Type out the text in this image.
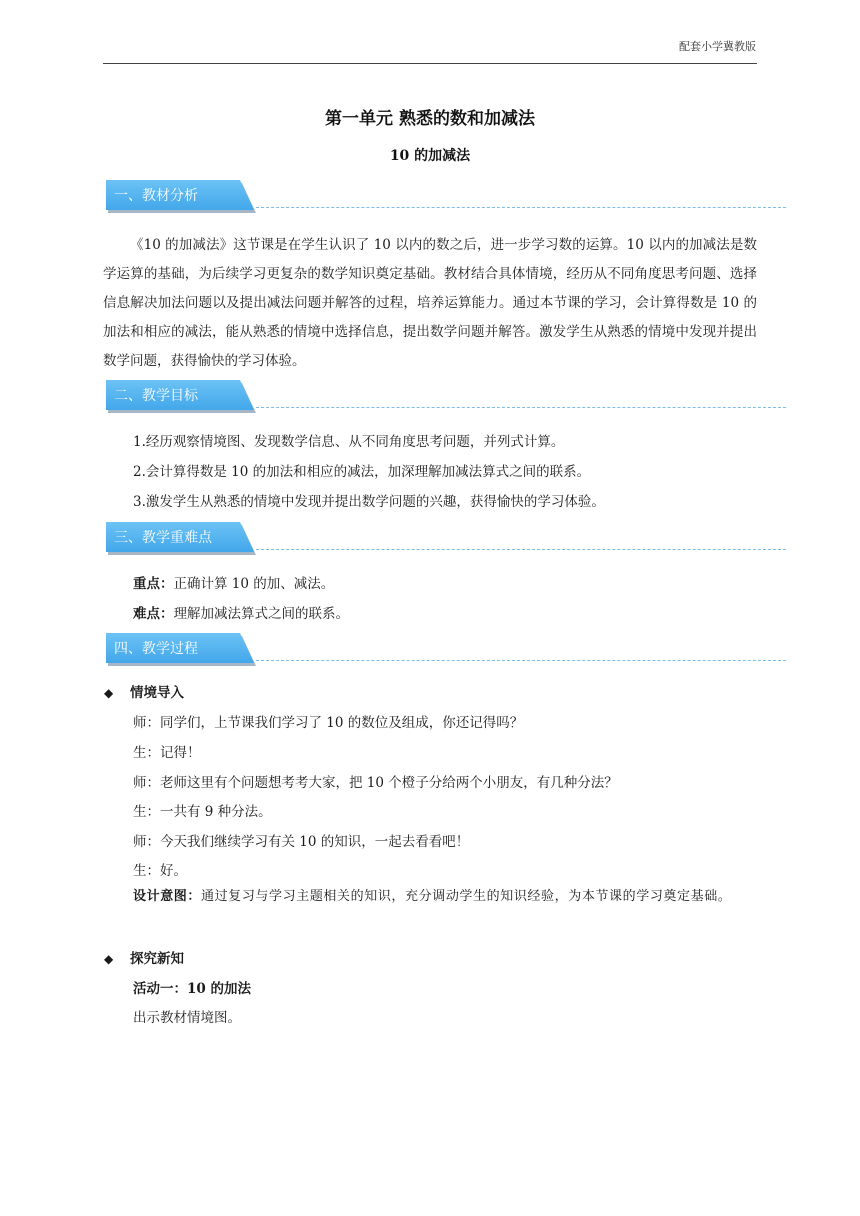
配套小学冀教版
第一单元 熟悉的数和加减法
10 的加减法
一、教材分析
《10 的加减法》这节课是在学生认识了 10 以内的数之后，进一步学习数的运算。10 以内的加减法是数学运算的基础，为后续学习更复杂的数学知识奠定基础。教材结合具体情境，经历从不同角度思考问题、选择信息解决加法问题以及提出减法问题并解答的过程，培养运算能力。通过本节课的学习，会计算得数是 10 的加法和相应的减法，能从熟悉的情境中选择信息，提出数学问题并解答。激发学生从熟悉的情境中发现并提出数学问题，获得愉快的学习体验。
二、教学目标
1.经历观察情境图、发现数学信息、从不同角度思考问题，并列式计算。
2.会计算得数是 10 的加法和相应的减法，加深理解加减法算式之间的联系。
3.激发学生从熟悉的情境中发现并提出数学问题的兴趣，获得愉快的学习体验。
三、教学重难点
重点：正确计算 10 的加、减法。
难点：理解加减法算式之间的联系。
四、教学过程
◆ 情境导入
师：同学们，上节课我们学习了 10 的数位及组成，你还记得吗？
生：记得！
师：老师这里有个问题想考考大家，把 10 个橙子分给两个小朋友，有几种分法？
生：一共有 9 种分法。
师：今天我们继续学习有关 10 的知识，一起去看看吧！
生：好。
设计意图：通过复习与学习主题相关的知识，充分调动学生的知识经验，为本节课的学习奠定基础。
◆ 探究新知
活动一：10 的加法
出示教材情境图。
